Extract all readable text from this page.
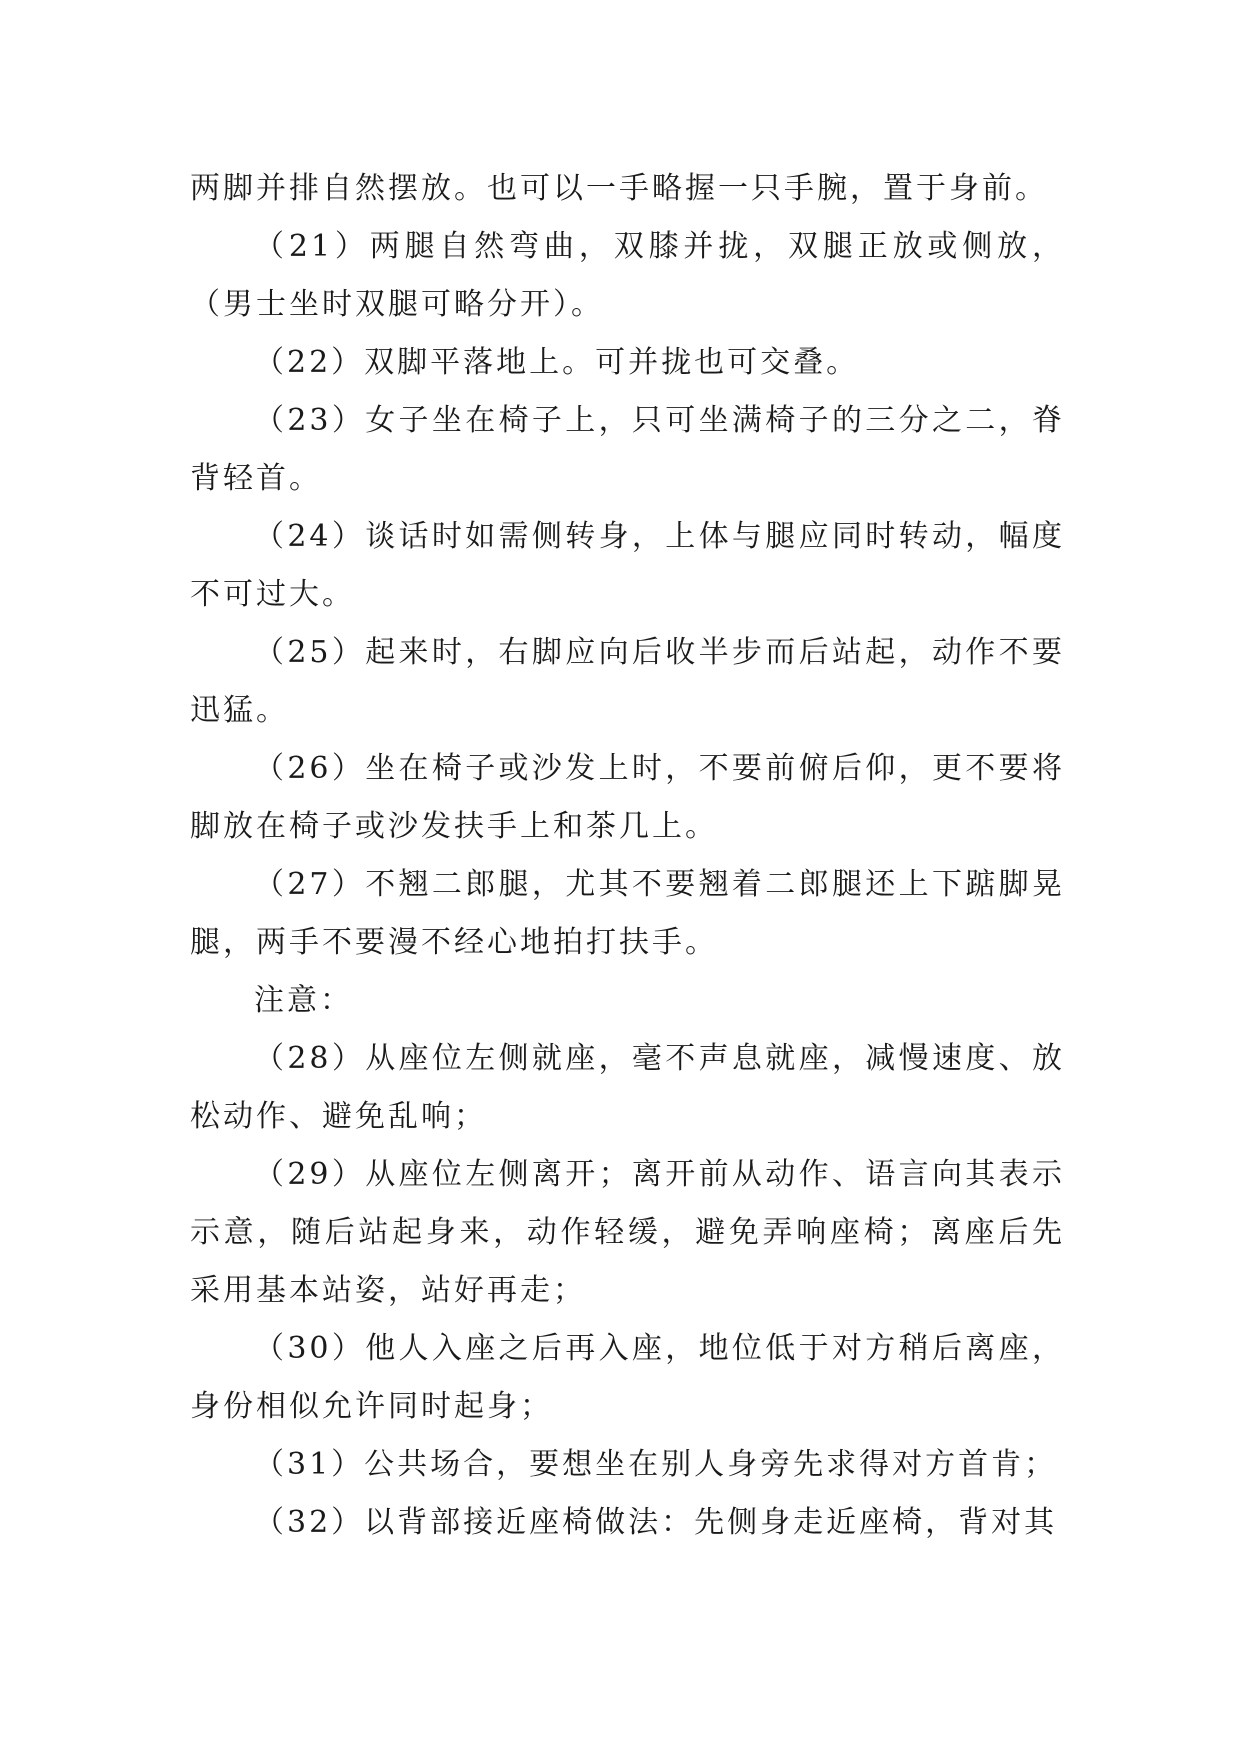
两脚并排自然摆放。也可以一手略握一只手腕，置于身前。

（21）两腿自然弯曲，双膝并拢，双腿正放或侧放，（男士坐时双腿可略分开）。

（22）双脚平落地上。可并拢也可交叠。

（23）女子坐在椅子上，只可坐满椅子的三分之二，脊背轻首。

（24）谈话时如需侧转身，上体与腿应同时转动，幅度不可过大。

（25）起来时，右脚应向后收半步而后站起，动作不要迅猛。

（26）坐在椅子或沙发上时，不要前俯后仰，更不要将脚放在椅子或沙发扶手上和茶几上。

（27）不翘二郎腿，尤其不要翘着二郎腿还上下踮脚晃腿，两手不要漫不经心地拍打扶手。

注意：

（28）从座位左侧就座，毫不声息就座，减慢速度、放松动作、避免乱响；

（29）从座位左侧离开；离开前从动作、语言向其表示示意，随后站起身来，动作轻缓，避免弄响座椅；离座后先采用基本站姿，站好再走；

（30）他人入座之后再入座，地位低于对方稍后离座，身份相似允许同时起身；

（31）公共场合，要想坐在别人身旁先求得对方首肯；

（32）以背部接近座椅做法：先侧身走近座椅，背对其
